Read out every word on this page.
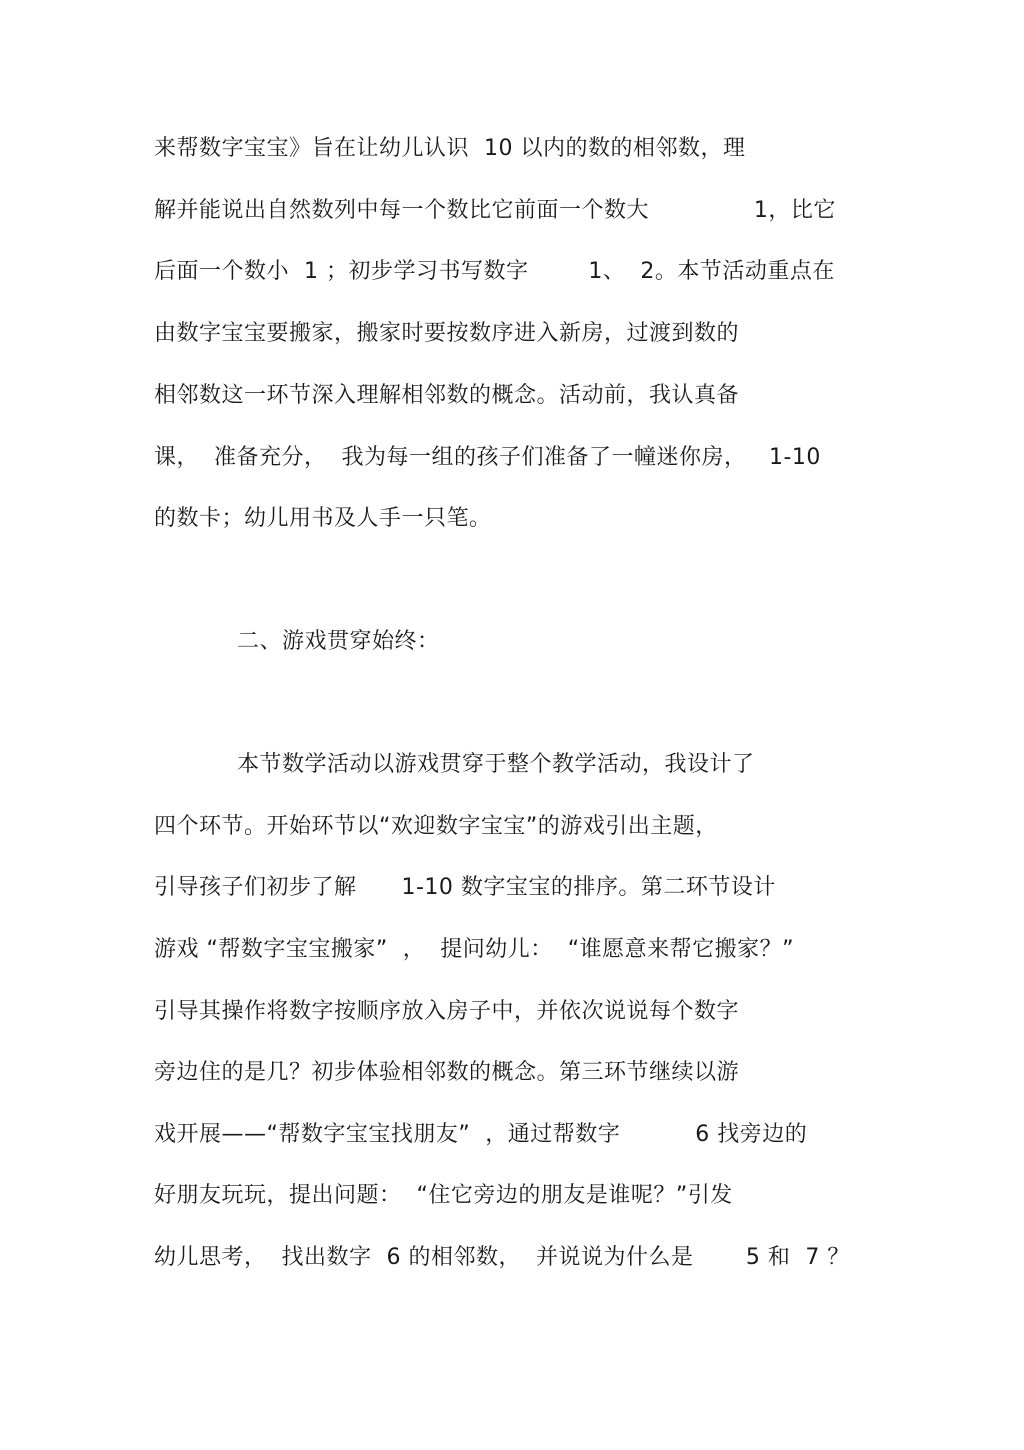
来帮数字宝宝》旨在让幼儿认识  10 以内的数的相邻数，理
解并能说出自然数列中每一个数比它前面一个数大              1，比它
后面一个数小  1 ；初步学习书写数字        1、  2。本节活动重点在
由数字宝宝要搬家，搬家时要按数序进入新房，过渡到数的
相邻数这一环节深入理解相邻数的概念。活动前，我认真备
课，  准备充分，  我为每一组的孩子们准备了一幢迷你房，   1-10
的数卡；幼儿用书及人手一只笔。
二、游戏贯穿始终：
本节数学活动以游戏贯穿于整个教学活动，我设计了
四个环节。开始环节以“欢迎数字宝宝”的游戏引出主题，
引导孩子们初步了解      1-10 数字宝宝的排序。第二环节设计
游戏 “帮数字宝宝搬家”  ，  提问幼儿：  “谁愿意来帮它搬家？”
引导其操作将数字按顺序放入房子中，并依次说说每个数字
旁边住的是几？初步体验相邻数的概念。第三环节继续以游
戏开展——“帮数字宝宝找朋友”  ，通过帮数字          6 找旁边的
好朋友玩玩，提出问题：  “住它旁边的朋友是谁呢？”引发
幼儿思考，  找出数字  6 的相邻数，  并说说为什么是       5 和  7 ？
